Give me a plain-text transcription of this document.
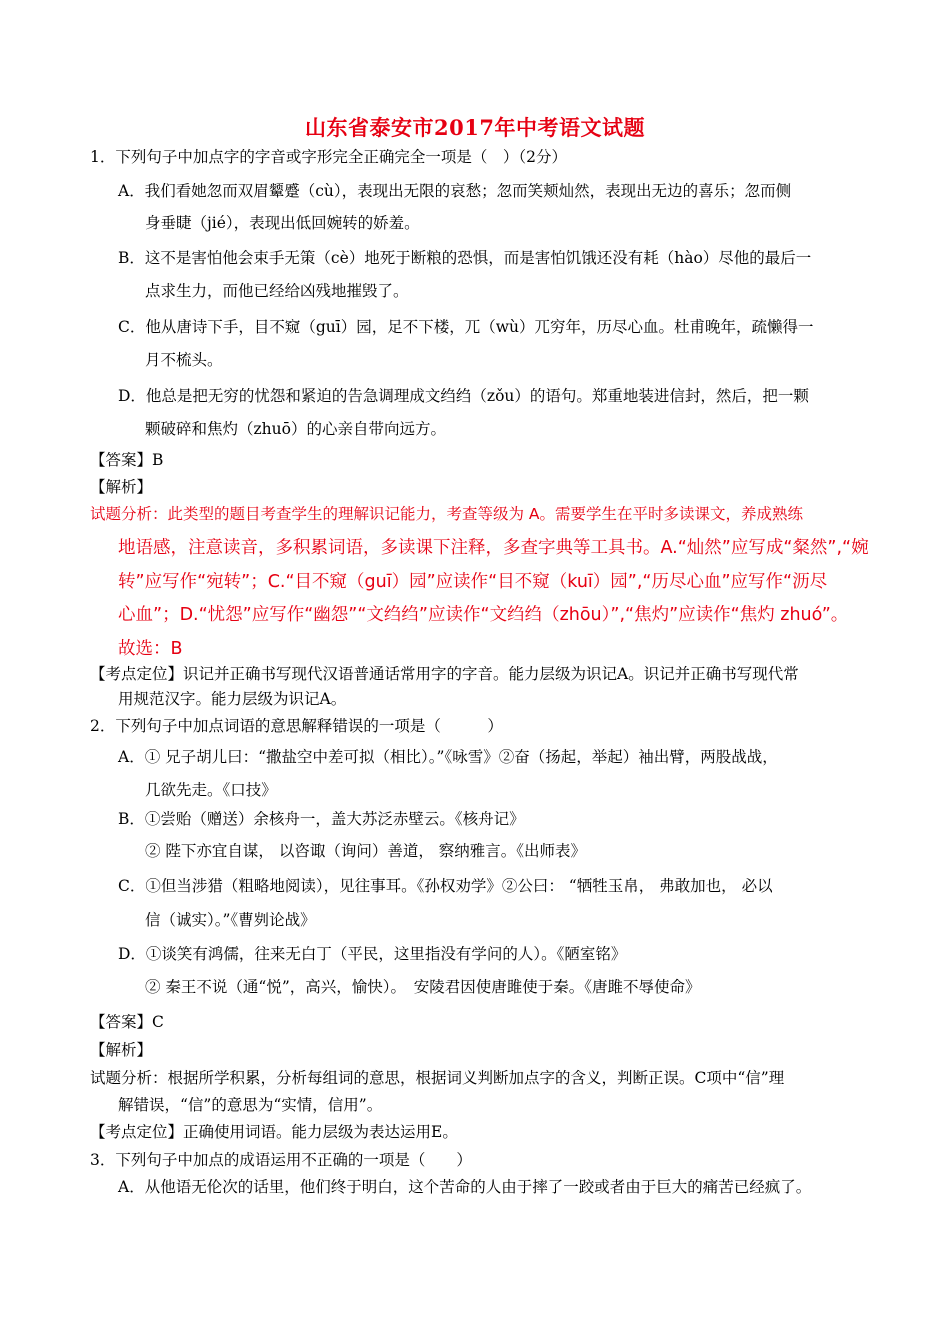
山东省泰安市2017年中考语文试题
1．下列句子中加点字的字音或字形完全正确完全一项是（　）（2分）
A．我们看她忽而双眉颦蹙（cù），表现出无限的哀愁；忽而笑颊灿然，表现出无边的喜乐；忽而侧
身垂睫（jié），表现出低回婉转的娇羞。
B．这不是害怕他会束手无策（cè）地死于断粮的恐惧，而是害怕饥饿还没有耗（hào）尽他的最后一
点求生力，而他已经给凶残地摧毁了。
C．他从唐诗下手，目不窥（guī）园，足不下楼，兀（wù）兀穷年，历尽心血。杜甫晚年，疏懒得一
月不梳头。
D．他总是把无穷的忧怨和紧迫的告急调理成文绉绉（zǒu）的语句。郑重地装进信封，然后，把一颗
颗破碎和焦灼（zhuō）的心亲自带向远方。
【答案】B
【解析】
试题分析：此类型的题目考查学生的理解识记能力，考查等级为 A。需要学生在平时多读课文，养成熟练
地语感，注意读音，多积累词语，多读课下注释，多查字典等工具书。A.“灿然”应写成“粲然”,“婉
转”应写作“宛转”；C.“目不窥（guī）园”应读作“目不窥（kuī）园”,“历尽心血”应写作“沥尽
心血”；D.“忧怨”应写作“幽怨”“文绉绉”应读作“文绉绉（zhōu）”,“焦灼”应读作“焦灼 zhuó”。
故选：B
【考点定位】识记并正确书写现代汉语普通话常用字的字音。能力层级为识记A。识记并正确书写现代常
用规范汉字。能力层级为识记A。
2．下列句子中加点词语的意思解释错误的一项是（　　　）
A．① 兄子胡儿曰：“撒盐空中差可拟（相比）。”《咏雪》②奋（扬起，举起）袖出臂，两股战战，
几欲先走。《口技》
B．①尝贻（赠送）余核舟一，盖大苏泛赤壁云。《核舟记》
② 陛下亦宜自谋， 以咨诹（询问）善道， 察纳雅言。《出师表》
C．①但当涉猎（粗略地阅读），见往事耳。《孙权劝学》②公曰： “牺牲玉帛， 弗敢加也， 必以
信（诚实）。”《曹刿论战》
D．①谈笑有鸿儒，往来无白丁（平民，这里指没有学问的人）。《陋室铭》
② 秦王不说（通“悦”，高兴，愉快）。　安陵君因使唐雎使于秦。《唐雎不辱使命》
【答案】C
【解析】
试题分析：根据所学积累，分析每组词的意思，根据词义判断加点字的含义，判断正误。C项中“信”理
解错误，“信”的意思为“实情，信用”。
【考点定位】正确使用词语。能力层级为表达运用E。
3．下列句子中加点的成语运用不正确的一项是（　　）
A．从他语无伦次的话里，他们终于明白，这个苦命的人由于摔了一跤或者由于巨大的痛苦已经疯了。
